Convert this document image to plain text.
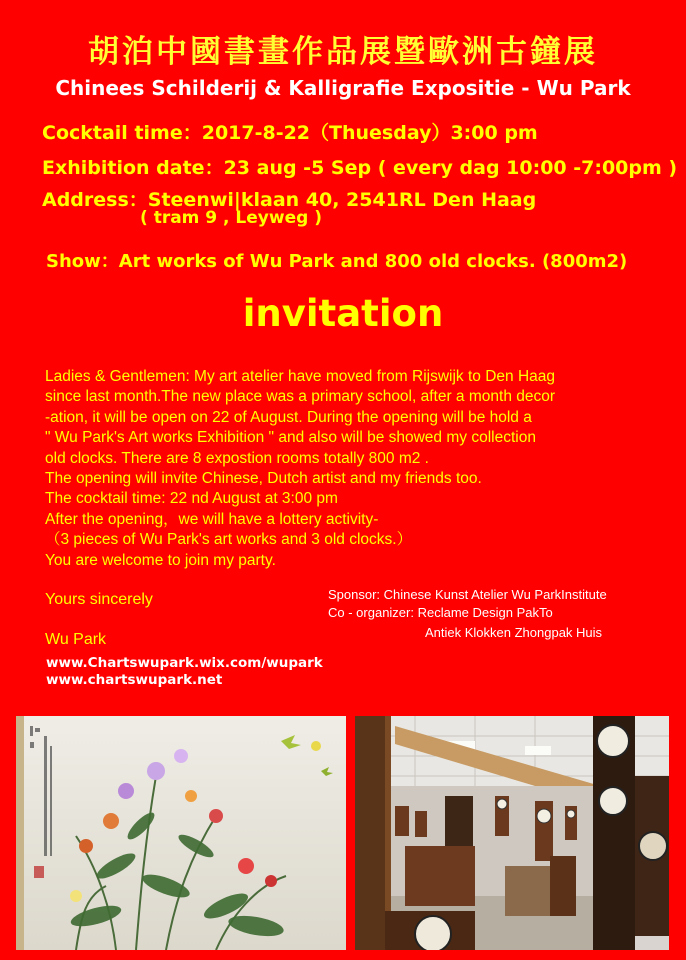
胡泊中國書畫作品展暨歐洲古鐘展
Chinees Schilderij & Kalligrafie Expositie - Wu Park
Cocktail time：2017-8-22（Thuesday）3:00 pm
Exhibition date：23 aug -5 Sep ( every dag 10:00 -7:00pm )
Address：Steenwi|klaan 40, 2541RL Den Haag
( tram 9 , Leyweg )
Show：Art works of Wu Park and 800 old clocks. (800m2)
invitation
Ladies & Gentlemen: My art atelier have moved from Rijswijk to Den Haag
since last month.The new place was a primary school, after a month decor
-ation, it will be open on 22 of August. During the opening will be hold a
" Wu Park's Art works Exhibition " and also will be showed my collection
old clocks. There are 8 expostion rooms totally 800 m2 .
The opening will invite Chinese, Dutch artist and my friends too.
The cocktail time: 22 nd August at 3:00 pm
After the opening，we will have a lottery activity-
（3 pieces of Wu Park's art works and 3 old clocks.）
You are welcome to join my party.
Yours sincerely
Wu Park
Sponsor: Chinese Kunst Atelier Wu ParkInstitute
Co - organizer: Reclame Design PakTo
Antiek Klokken Zhongpak Huis
www.Chartswupark.wix.com/wupark
www.chartswupark.net
